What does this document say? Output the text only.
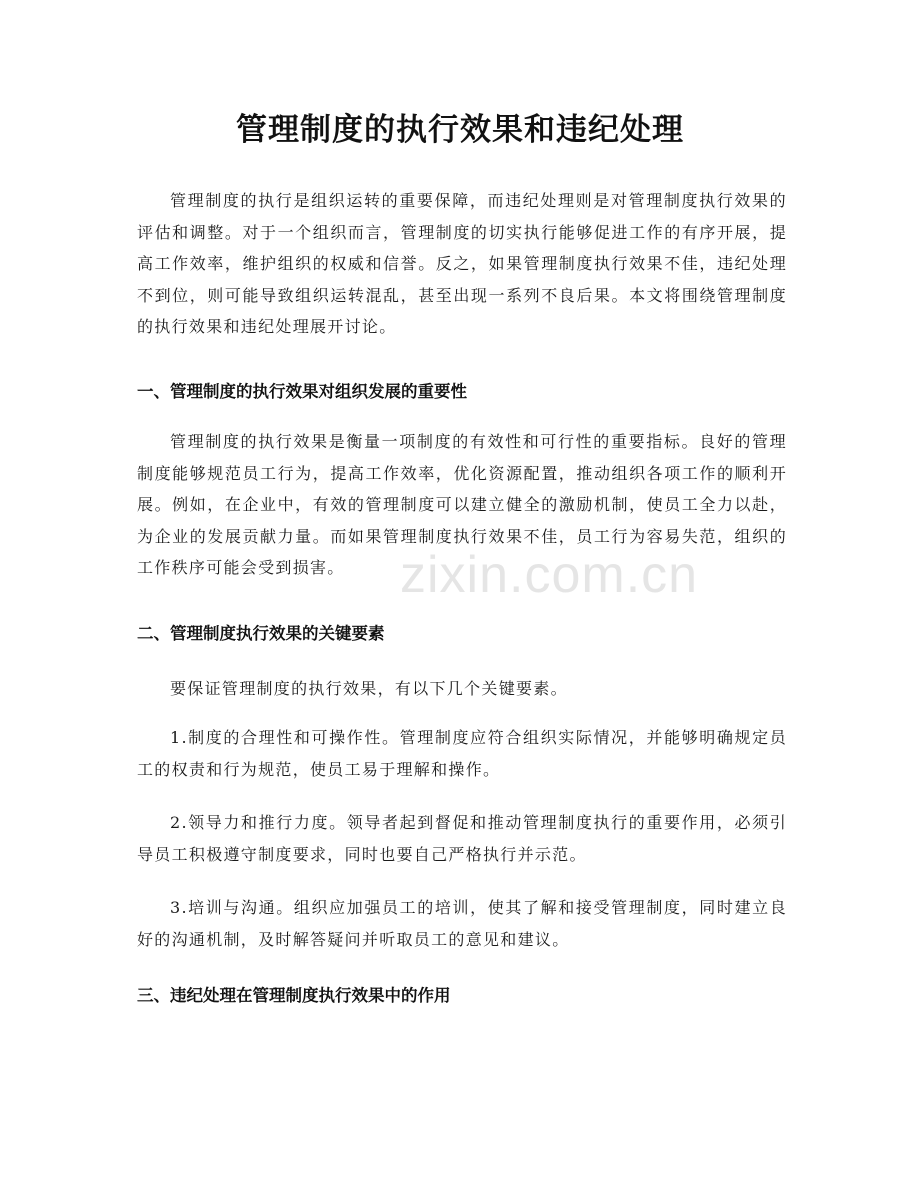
管理制度的执行效果和违纪处理
管理制度的执行是组织运转的重要保障，而违纪处理则是对管理制度执行效果的评估和调整。对于一个组织而言，管理制度的切实执行能够促进工作的有序开展，提高工作效率，维护组织的权威和信誉。反之，如果管理制度执行效果不佳，违纪处理不到位，则可能导致组织运转混乱，甚至出现一系列不良后果。本文将围绕管理制度的执行效果和违纪处理展开讨论。
一、管理制度的执行效果对组织发展的重要性
管理制度的执行效果是衡量一项制度的有效性和可行性的重要指标。良好的管理制度能够规范员工行为，提高工作效率，优化资源配置，推动组织各项工作的顺利开展。例如，在企业中，有效的管理制度可以建立健全的激励机制，使员工全力以赴，为企业的发展贡献力量。而如果管理制度执行效果不佳，员工行为容易失范，组织的工作秩序可能会受到损害。
二、管理制度执行效果的关键要素
要保证管理制度的执行效果，有以下几个关键要素。
1.制度的合理性和可操作性。管理制度应符合组织实际情况，并能够明确规定员工的权责和行为规范，使员工易于理解和操作。
2.领导力和推行力度。领导者起到督促和推动管理制度执行的重要作用，必须引导员工积极遵守制度要求，同时也要自己严格执行并示范。
3.培训与沟通。组织应加强员工的培训，使其了解和接受管理制度，同时建立良好的沟通机制，及时解答疑问并听取员工的意见和建议。
三、违纪处理在管理制度执行效果中的作用
zixin.com.cn
